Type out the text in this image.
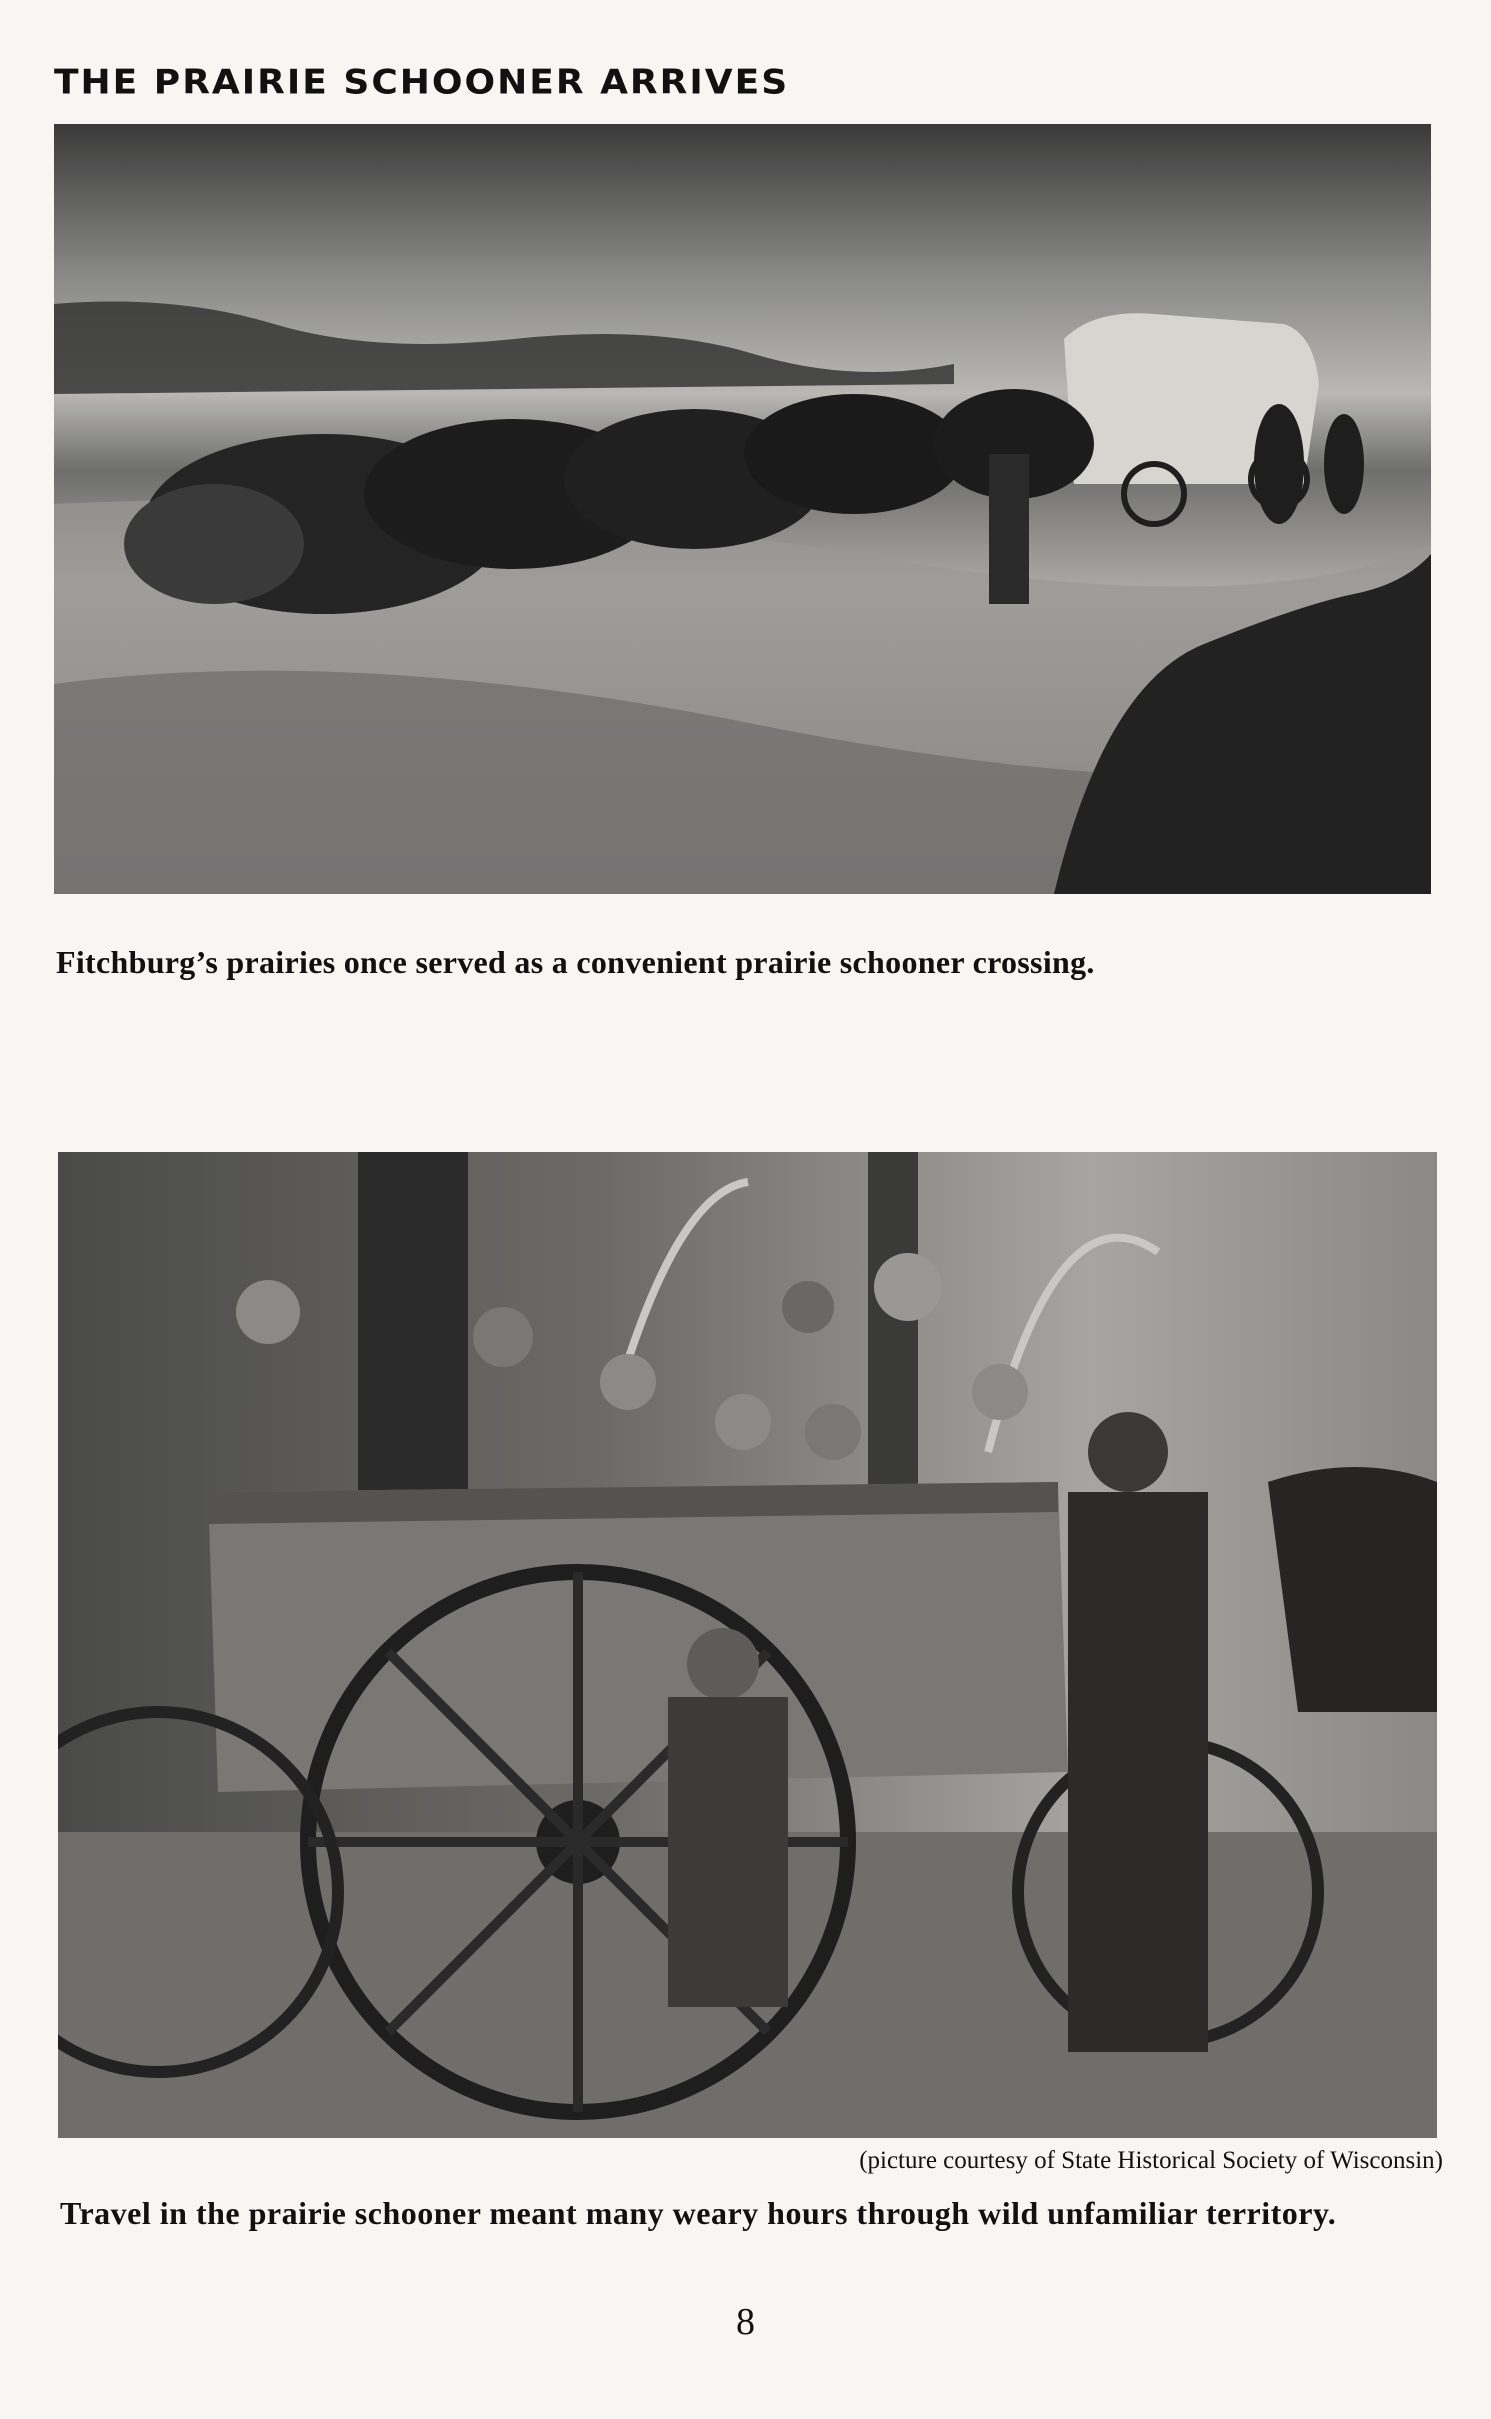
THE PRAIRIE SCHOONER ARRIVES
Fitchburg’s prairies once served as a convenient prairie schooner crossing.
(picture courtesy of State Historical Society of Wisconsin)
Travel in the prairie schooner meant many weary hours through wild unfamiliar territory.
8
